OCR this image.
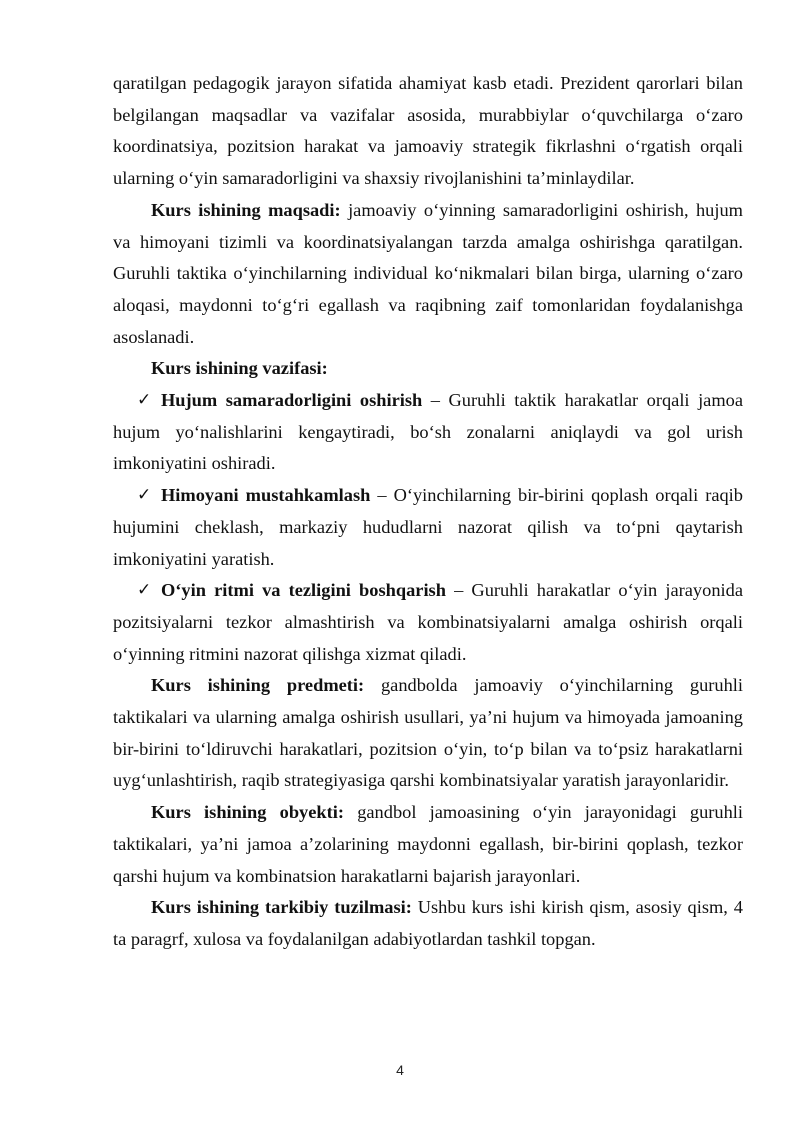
qaratilgan pedagogik jarayon sifatida ahamiyat kasb etadi. Prezident qarorlari bilan belgilangan maqsadlar va vazifalar asosida, murabbiylar oʻquvchilarga oʻzaro koordinatsiya, pozitsion harakat va jamoaviy strategik fikrlashni oʻrgatish orqali ularning oʻyin samaradorligini va shaxsiy rivojlanishini taʼminlaydilar.

Kurs ishining maqsadi: jamoaviy oʻyinning samaradorligini oshirish, hujum va himoyani tizimli va koordinatsiyalangan tarzda amalga oshirishga qaratilgan. Guruhli taktika oʻyinchilarning individual koʻnikmalari bilan birga, ularning oʻzaro aloqasi, maydonni toʻgʻri egallash va raqibning zaif tomonlaridan foydalanishga asoslanadi.

Kurs ishining vazifasi:

✓ Hujum samaradorligini oshirish – Guruhli taktik harakatlar orqali jamoa hujum yoʻnalishlarini kengaytiradi, boʻsh zonalarni aniqlaydi va gol urish imkoniyatini oshiradi.

✓ Himoyani mustahkamlash – Oʻyinchilarning bir-birini qoplash orqali raqib hujumini cheklash, markaziy hududlarni nazorat qilish va toʻpni qaytarish imkoniyatini yaratish.

✓ Oʻyin ritmi va tezligini boshqarish – Guruhli harakatlar oʻyin jarayonida pozitsiyalarni tezkor almashtirish va kombinatsiyalarni amalga oshirish orqali oʻyinning ritmini nazorat qilishga xizmat qiladi.

Kurs ishining predmeti: gandbolda jamoaviy oʻyinchilarning guruhli taktikalari va ularning amalga oshirish usullari, yaʼni hujum va himoyada jamoaning bir-birini toʻldiruvchi harakatlari, pozitsion oʻyin, toʻp bilan va toʻpsiz harakatlarni uygʻunlashtirish, raqib strategiyasiga qarshi kombinatsiyalar yaratish jarayonlaridir.

Kurs ishining obyekti: gandbol jamoasining oʻyin jarayonidagi guruhli taktikalari, yaʼni jamoa aʼzolarining maydonni egallash, bir-birini qoplash, tezkor qarshi hujum va kombinatsion harakatlarni bajarish jarayonlari.

Kurs ishining tarkibiy tuzilmasi: Ushbu kurs ishi kirish qism, asosiy qism, 4 ta paragrf, xulosa va foydalanilgan adabiyotlardan tashkil topgan.

4
